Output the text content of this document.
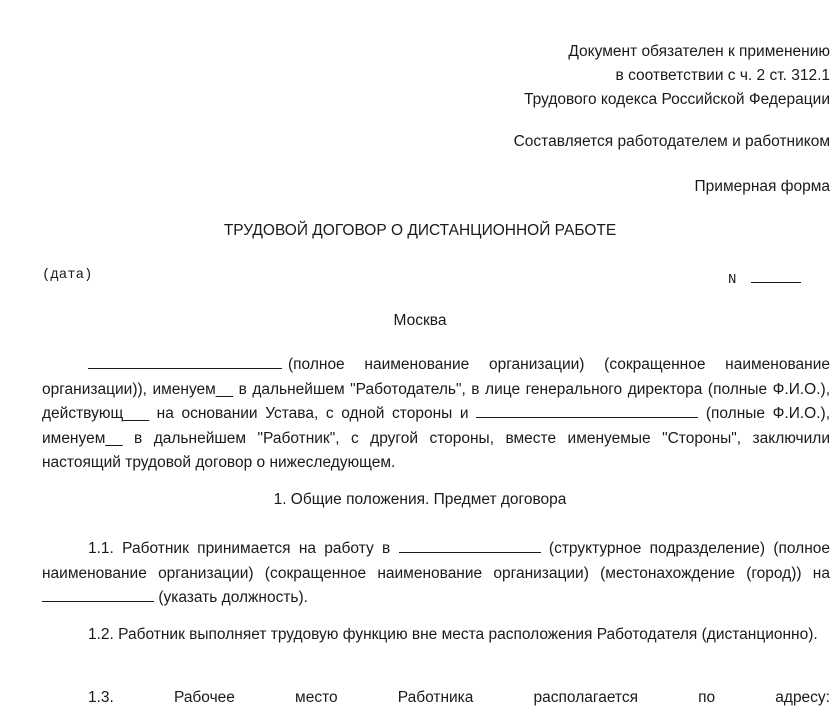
Документ обязателен к применению
в соответствии с ч. 2 ст. 312.1
Трудового кодекса Российской Федерации
Составляется работодателем и работником
Примерная форма
ТРУДОВОЙ ДОГОВОР О ДИСТАНЦИОННОЙ РАБОТЕ
(дата)	N
Москва

(полное наименование организации) (сокращенное наименование организации)), именуем__ в дальнейшем "Работодатель", в лице генерального директора (полные Ф.И.О.), действующ___ на основании Устава, с одной стороны и	(полные Ф.И.О.), именуем__ в дальнейшем "Работник", с другой стороны, вместе именуемые "Стороны", заключили настоящий трудовой договор о нижеследующем.

1. Общие положения. Предмет договора

1.1. Работник принимается на работу в	(структурное подразделение) (полное наименование организации) (сокращенное наименование организации) (местонахождение (город)) на  (указать должность).

1.2. Работник выполняет трудовую функцию вне места расположения Работодателя (дистанционно).

1.3. Рабочее место Работника располагается по адресу:
